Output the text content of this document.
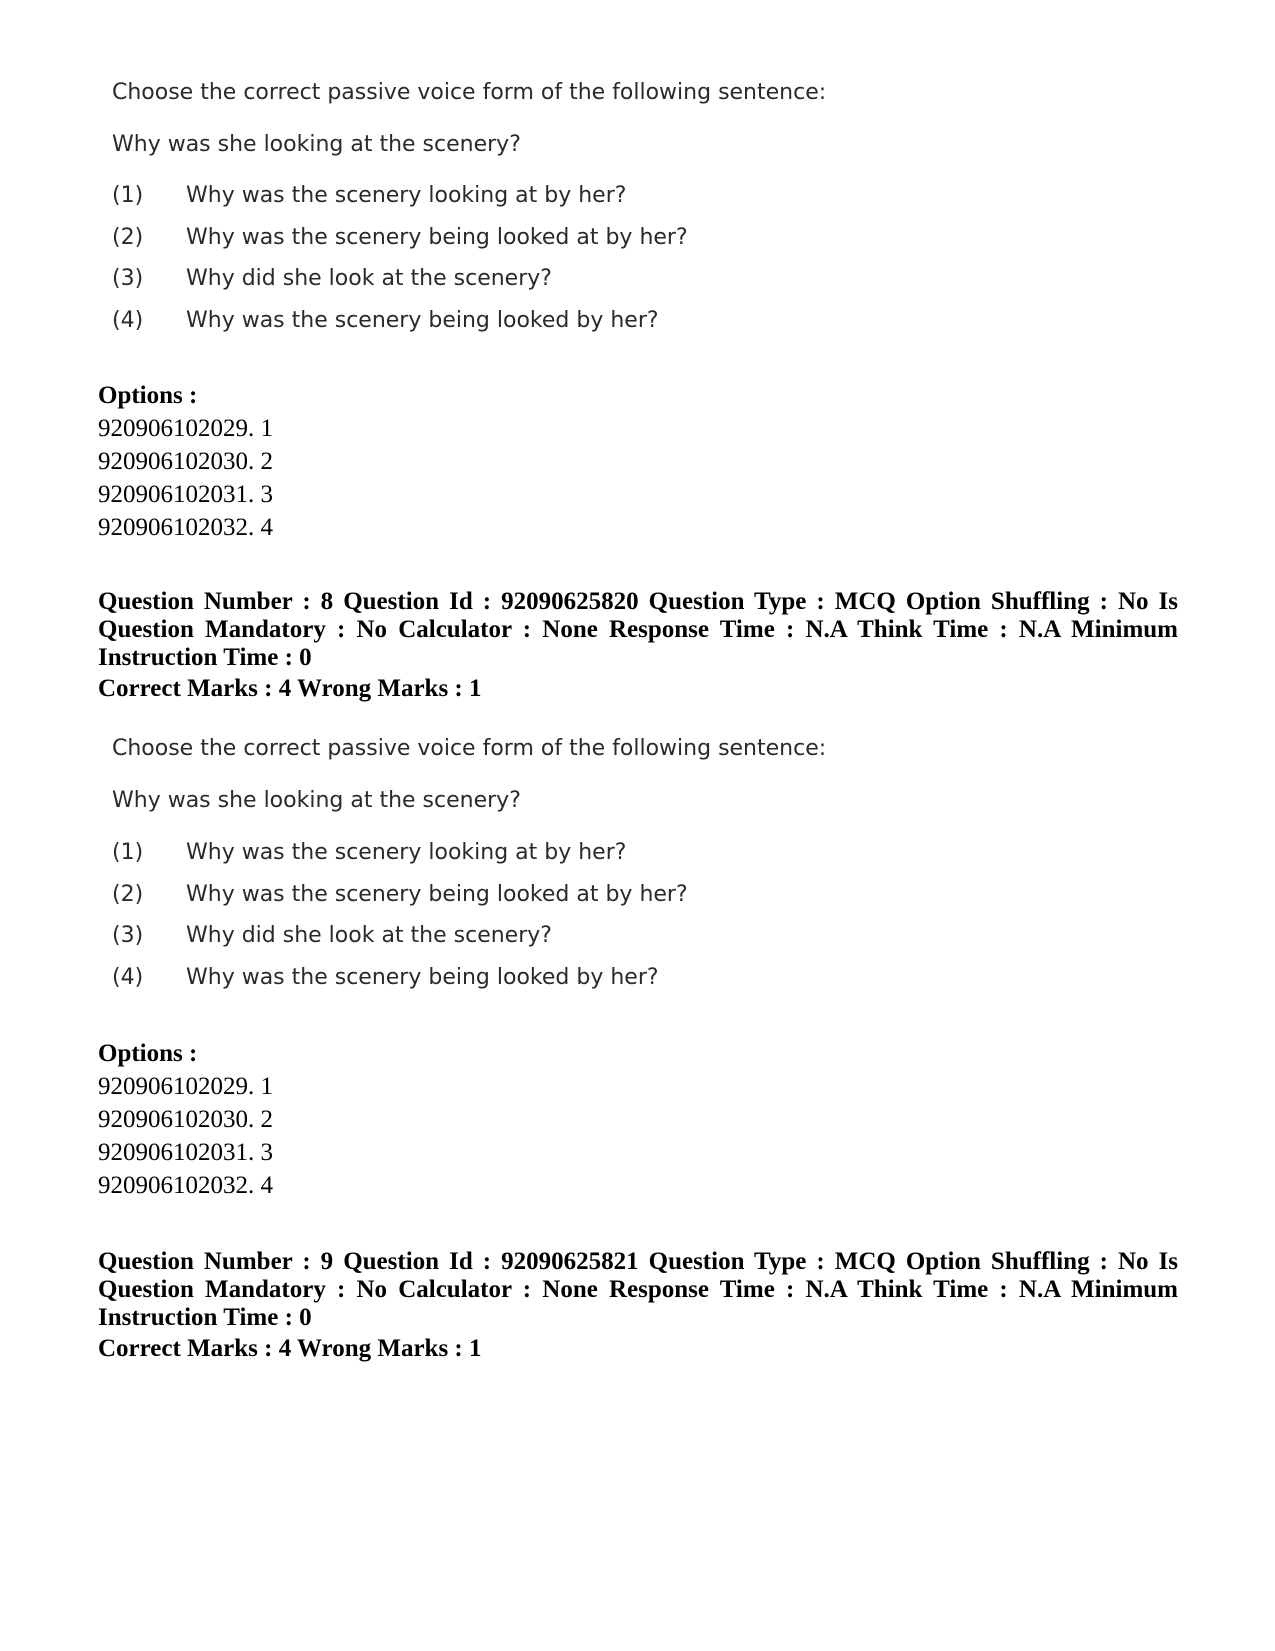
Choose the correct passive voice form of the following sentence:
Why was she looking at the scenery?
(1) Why was the scenery looking at by her?
(2) Why was the scenery being looked at by her?
(3) Why did she look at the scenery?
(4) Why was the scenery being looked by her?
Options :
920906102029. 1
920906102030. 2
920906102031. 3
920906102032. 4
Question Number : 8 Question Id : 92090625820 Question Type : MCQ Option Shuffling : No Is Question Mandatory : No Calculator : None Response Time : N.A Think Time : N.A Minimum Instruction Time : 0
Correct Marks : 4 Wrong Marks : 1
Choose the correct passive voice form of the following sentence:
Why was she looking at the scenery?
(1) Why was the scenery looking at by her?
(2) Why was the scenery being looked at by her?
(3) Why did she look at the scenery?
(4) Why was the scenery being looked by her?
Options :
920906102029. 1
920906102030. 2
920906102031. 3
920906102032. 4
Question Number : 9 Question Id : 92090625821 Question Type : MCQ Option Shuffling : No Is Question Mandatory : No Calculator : None Response Time : N.A Think Time : N.A Minimum Instruction Time : 0
Correct Marks : 4 Wrong Marks : 1
